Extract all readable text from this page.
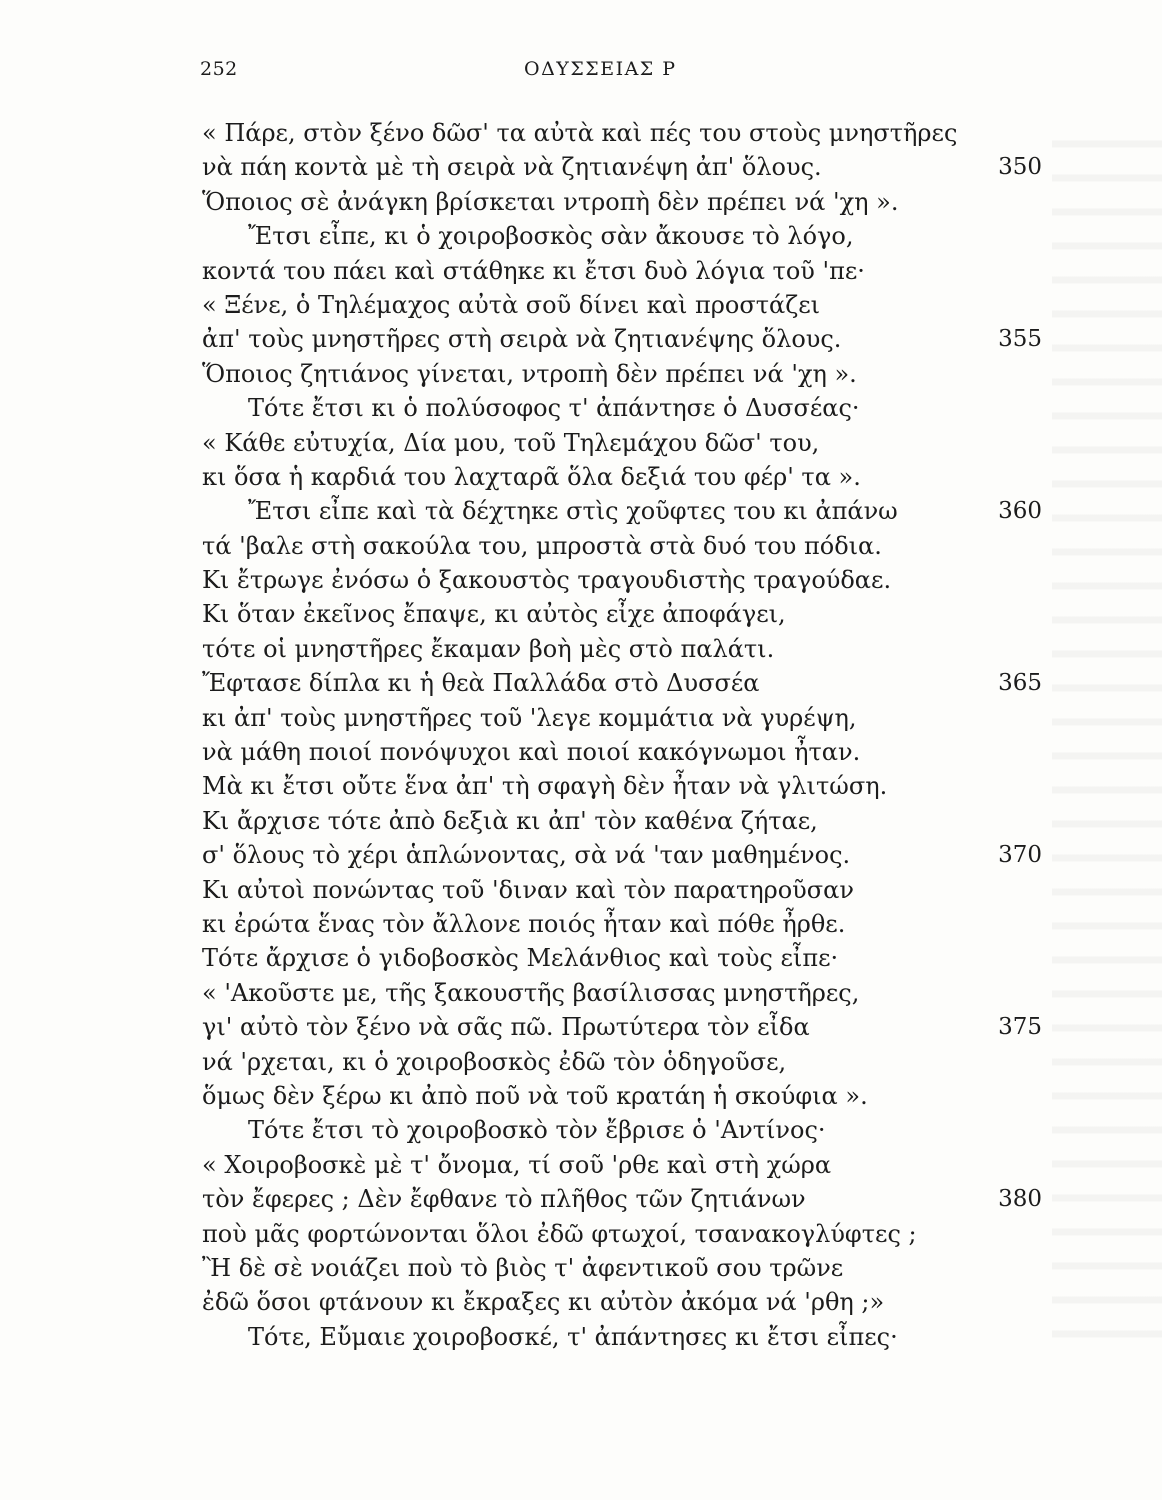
252	ΟΔΥΣΣΕΙΑΣ Ρ
« Πάρε, στὸν ξένο δῶσ' τα αὐτὰ καὶ πές του στοὺς μνηστῆρες
νὰ πάη κοντὰ μὲ τὴ σειρὰ νὰ ζητιανέψη ἀπ' ὅλους.	350
Ὅποιος σὲ ἀνάγκη βρίσκεται ντροπὴ δὲν πρέπει νά 'χη ».
Ἔτσι εἶπε, κι ὁ χοιροβοσκὸς σὰν ἄκουσε τὸ λόγο,
κοντά του πάει καὶ στάθηκε κι ἔτσι δυὸ λόγια τοῦ 'πε·
« Ξένε, ὁ Τηλέμαχος αὐτὰ σοῦ δίνει καὶ προστάζει
ἀπ' τοὺς μνηστῆρες στὴ σειρὰ νὰ ζητιανέψης ὅλους.	355
Ὅποιος ζητιάνος γίνεται, ντροπὴ δὲν πρέπει νά 'χη ».
Τότε ἔτσι κι ὁ πολύσοφος τ' ἀπάντησε ὁ Δυσσέας·
« Κάθε εὐτυχία, Δία μου, τοῦ Τηλεμάχου δῶσ' του,
κι ὅσα ἡ καρδιά του λαχταρᾶ ὅλα δεξιά του φέρ' τα ».
Ἔτσι εἶπε καὶ τὰ δέχτηκε στὶς χοῦφτες του κι ἀπάνω	360
τά 'βαλε στὴ σακούλα του, μπροστὰ στὰ δυό του πόδια.
Κι ἔτρωγε ἐνόσω ὁ ξακουστὸς τραγουδιστὴς τραγούδαε.
Κι ὅταν ἐκεῖνος ἔπαψε, κι αὐτὸς εἶχε ἀποφάγει,
τότε οἱ μνηστῆρες ἔκαμαν βοὴ μὲς στὸ παλάτι.
Ἔφτασε δίπλα κι ἡ θεὰ Παλλάδα στὸ Δυσσέα	365
κι ἀπ' τοὺς μνηστῆρες τοῦ 'λεγε κομμάτια νὰ γυρέψη,
νὰ μάθη ποιοί πονόψυχοι καὶ ποιοί κακόγνωμοι ἦταν.
Μὰ κι ἔτσι οὔτε ἕνα ἀπ' τὴ σφαγὴ δὲν ἦταν νὰ γλιτώση.
Κι ἄρχισε τότε ἀπὸ δεξιὰ κι ἀπ' τὸν καθένα ζήταε,
σ' ὅλους τὸ χέρι ἁπλώνοντας, σὰ νά 'ταν μαθημένος.	370
Κι αὐτοὶ πονώντας τοῦ 'διναν καὶ τὸν παρατηροῦσαν
κι ἐρώτα ἕνας τὸν ἄλλονε ποιός ἦταν καὶ πόθε ἦρθε.
Τότε ἄρχισε ὁ γιδοβοσκὸς Μελάνθιος καὶ τοὺς εἶπε·
« 'Ακοῦστε με, τῆς ξακουστῆς βασίλισσας μνηστῆρες,
γι' αὐτὸ τὸν ξένο νὰ σᾶς πῶ. Πρωτύτερα τὸν εἶδα	375
νά 'ρχεται, κι ὁ χοιροβοσκὸς ἐδῶ τὸν ὁδηγοῦσε,
ὅμως δὲν ξέρω κι ἀπὸ ποῦ νὰ τοῦ κρατάη ἡ σκούφια ».
Τότε ἔτσι τὸ χοιροβοσκὸ τὸν ἔβρισε ὁ 'Αντίνος·
« Χοιροβοσκὲ μὲ τ' ὄνομα, τί σοῦ 'ρθε καὶ στὴ χώρα
τὸν ἔφερες ; Δὲν ἔφθανε τὸ πλῆθος τῶν ζητιάνων	380
ποὺ μᾶς φορτώνονται ὅλοι ἐδῶ φτωχοί, τσανακογλύφτες ;
Ἢ δὲ σὲ νοιάζει ποὺ τὸ βιὸς τ' ἀφεντικοῦ σου τρῶνε
ἐδῶ ὅσοι φτάνουν κι ἔκραξες κι αὐτὸν ἀκόμα νά 'ρθη ;»
Τότε, Εὔμαιε χοιροβοσκέ, τ' ἀπάντησες κι ἔτσι εἶπες·
